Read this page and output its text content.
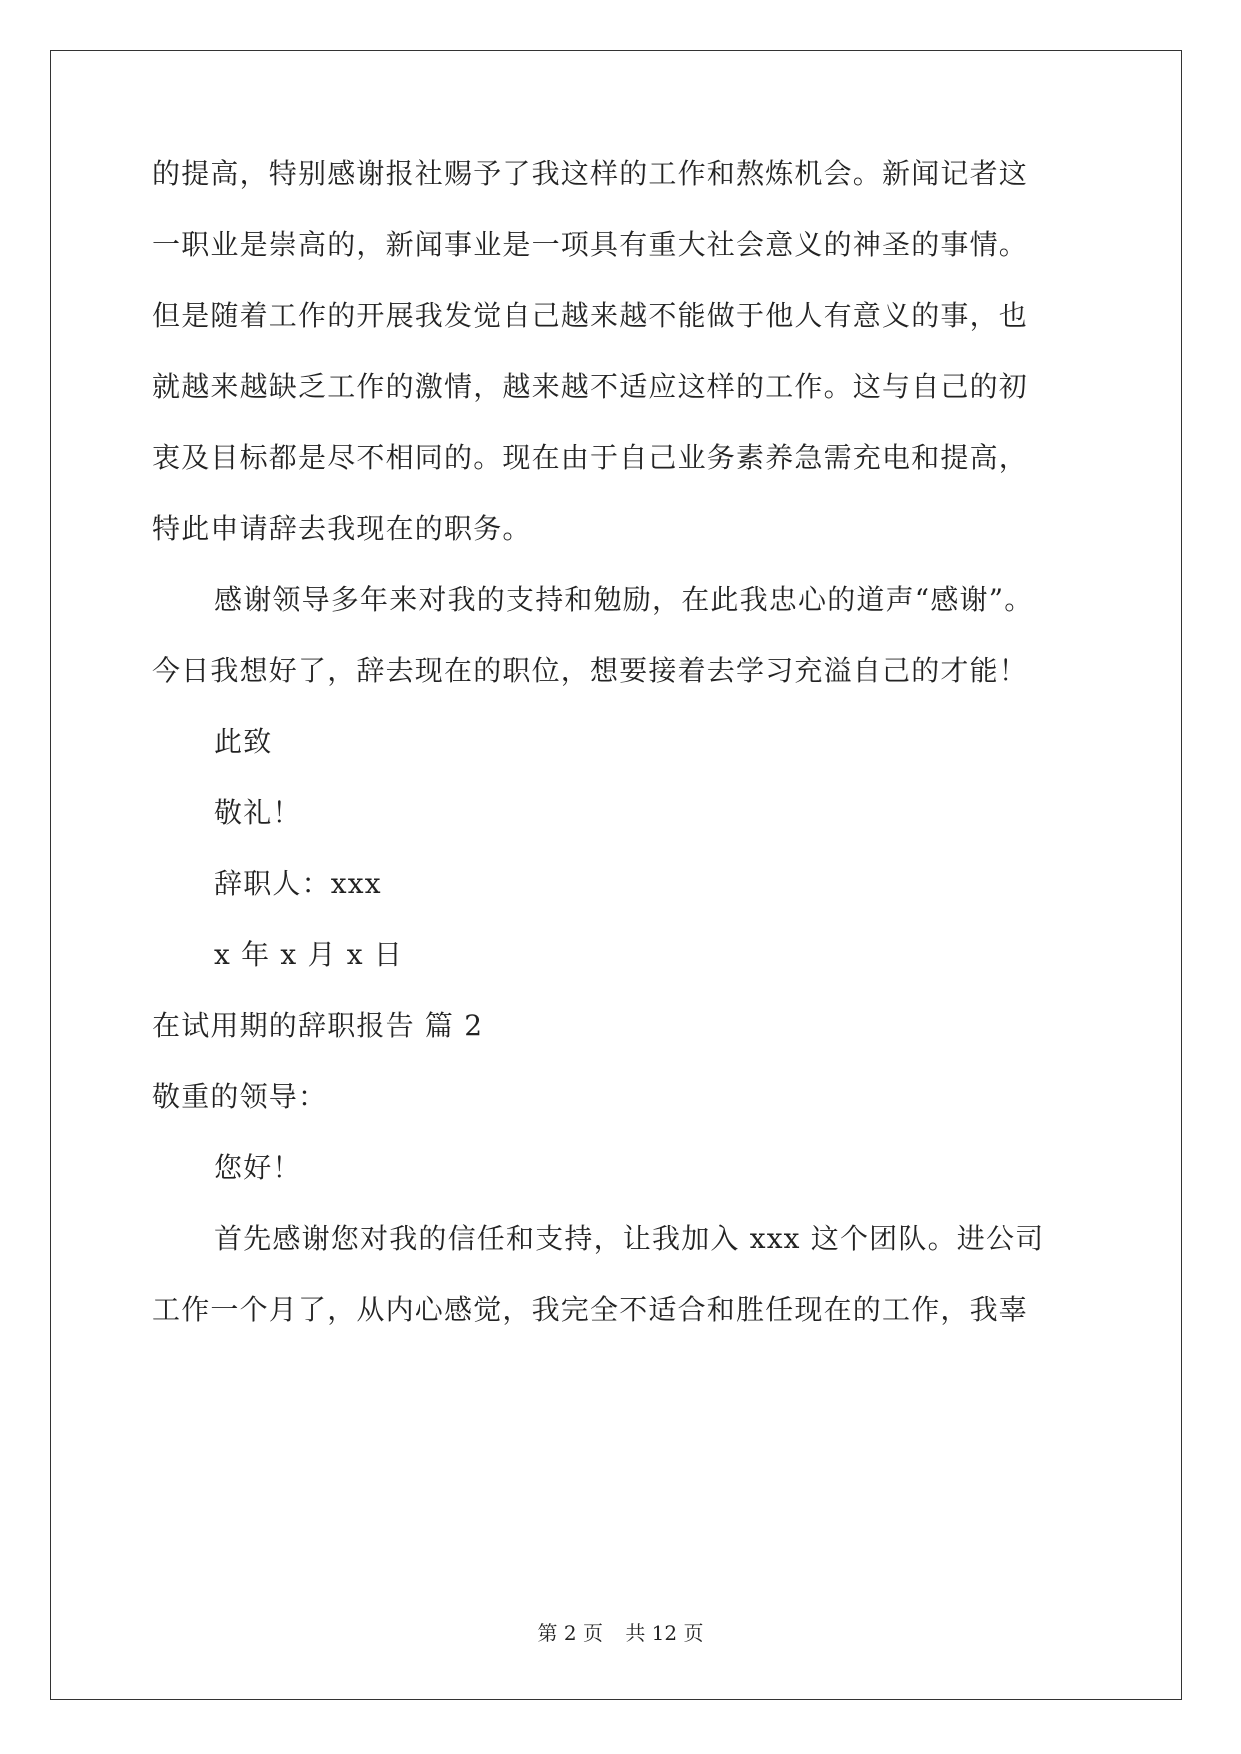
的提高，特别感谢报社赐予了我这样的工作和熬炼机会。新闻记者这
一职业是崇高的，新闻事业是一项具有重大社会意义的神圣的事情。
但是随着工作的开展我发觉自己越来越不能做于他人有意义的事，也
就越来越缺乏工作的激情，越来越不适应这样的工作。这与自己的初
衷及目标都是尽不相同的。现在由于自己业务素养急需充电和提高，
特此申请辞去我现在的职务。
感谢领导多年来对我的支持和勉励，在此我忠心的道声“感谢”。
今日我想好了，辞去现在的职位，想要接着去学习充溢自己的才能！
此致
敬礼！
辞职人：xxx
x 年 x 月 x 日
在试用期的辞职报告 篇 2
敬重的领导：
您好！
首先感谢您对我的信任和支持，让我加入 xxx 这个团队。进公司
工作一个月了，从内心感觉，我完全不适合和胜任现在的工作，我辜
第 2 页 共 12 页
